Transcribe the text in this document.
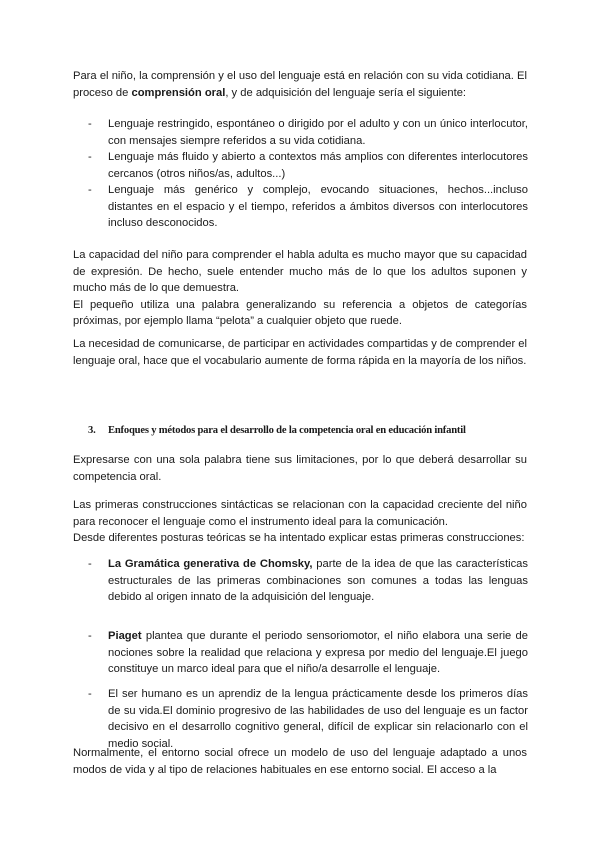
Para el niño, la comprensión y el uso del lenguaje está en relación con su vida cotidiana. El proceso de comprensión oral, y de adquisición del lenguaje sería el siguiente:

- Lenguaje restringido, espontáneo o dirigido por el adulto y con un único interlocutor, con mensajes siempre referidos a su vida cotidiana.
- Lenguaje más fluido y abierto a contextos más amplios con diferentes interlocutores cercanos (otros niños/as, adultos...)
- Lenguaje más genérico y complejo, evocando situaciones, hechos...incluso distantes en el espacio y el tiempo, referidos a ámbitos diversos con interlocutores incluso desconocidos.

La capacidad del niño para comprender el habla adulta es mucho mayor que su capacidad de expresión. De hecho, suele entender mucho más de lo que los adultos suponen y mucho más de lo que demuestra.

El pequeño utiliza una palabra generalizando su referencia a objetos de categorías próximas, por ejemplo llama “pelota” a cualquier objeto que ruede.

La necesidad de comunicarse, de participar en actividades compartidas y de comprender el lenguaje oral, hace que el vocabulario aumente de forma rápida en la mayoría de los niños.

3. Enfoques y métodos para el desarrollo de la competencia oral en educación infantil

Expresarse con una sola palabra tiene sus limitaciones, por lo que deberá desarrollar su competencia oral.

Las primeras construcciones sintácticas se relacionan con la capacidad creciente del niño para reconocer el lenguaje como el instrumento ideal para la comunicación.

Desde diferentes posturas teóricas se ha intentado explicar estas primeras construcciones:

- La Gramática generativa de Chomsky, parte de la idea de que las características estructurales de las primeras combinaciones son comunes a todas las lenguas debido al origen innato de la adquisición del lenguaje.
- Piaget plantea que durante el periodo sensoriomotor, el niño elabora una serie de nociones sobre la realidad que relaciona y expresa por medio del lenguaje.El juego constituye un marco ideal para que el niño/a desarrolle el lenguaje.
- El ser humano es un aprendiz de la lengua prácticamente desde los primeros días de su vida.El dominio progresivo de las habilidades de uso del lenguaje es un factor decisivo en el desarrollo cognitivo general, difícil de explicar sin relacionarlo con el medio social.

Normalmente, el entorno social ofrece un modelo de uso del lenguaje adaptado a unos modos de vida y al tipo de relaciones habituales en ese entorno social. El acceso a la
